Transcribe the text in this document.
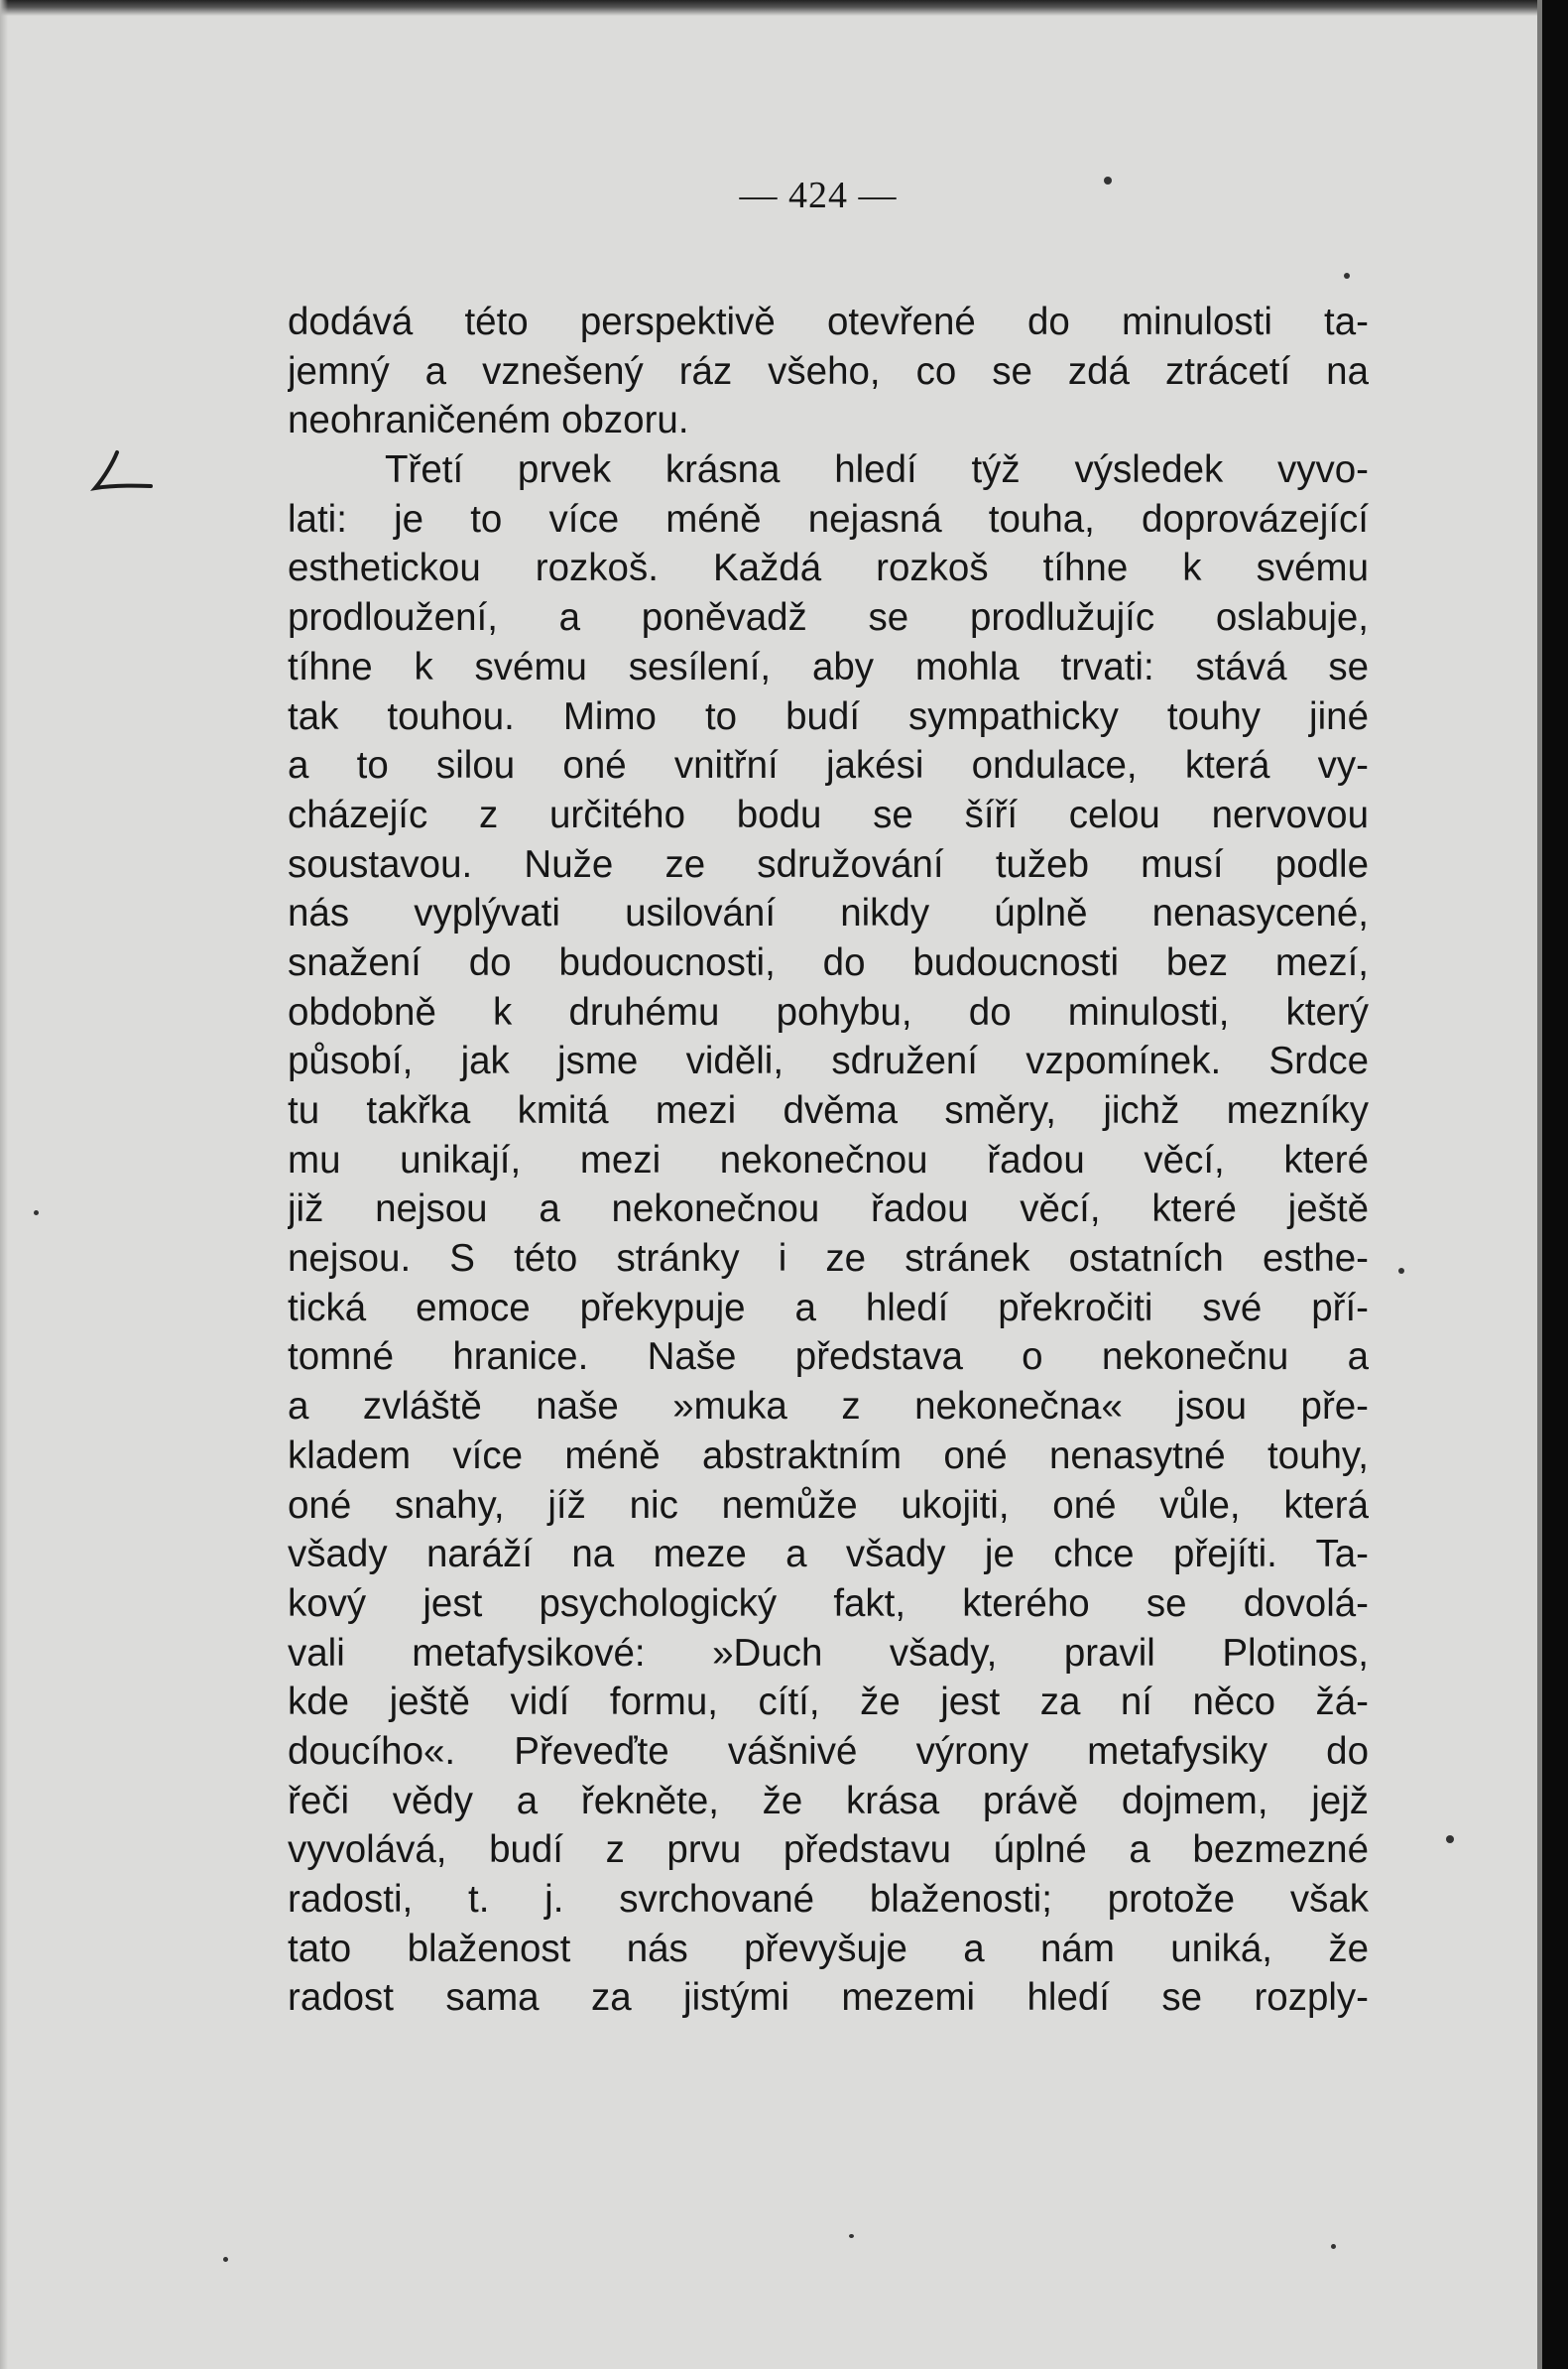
— 424 —
dodává této perspektivě otevřené do minulosti ta-
jemný a vznešený ráz všeho, co se zdá ztrácetí na
neohraničeném obzoru.
Třetí prvek krásna hledí týž výsledek vyvo-
lati: je to více méně nejasná touha, doprovázející
esthetickou rozkoš. Každá rozkoš tíhne k svému
prodloužení, a poněvadž se prodlužujíc oslabuje,
tíhne k svému sesílení, aby mohla trvati: stává se
tak touhou. Mimo to budí sympathicky touhy jiné
a to silou oné vnitřní jakési ondulace, která vy-
cházejíc z určitého bodu se šíří celou nervovou
soustavou. Nuže ze sdružování tužeb musí podle
nás vyplývati usilování nikdy úplně nenasycené,
snažení do budoucnosti, do budoucnosti bez mezí,
obdobně k druhému pohybu, do minulosti, který
působí, jak jsme viděli, sdružení vzpomínek. Srdce
tu takřka kmitá mezi dvěma směry, jichž mezníky
mu unikají, mezi nekonečnou řadou věcí, které
již nejsou a nekonečnou řadou věcí, které ještě
nejsou. S této stránky i ze stránek ostatních esthe-
tická emoce překypuje a hledí překročiti své pří-
tomné hranice. Naše představa o nekonečnu a
a zvláště naše »muka z nekonečna« jsou pře-
kladem více méně abstraktním oné nenasytné touhy,
oné snahy, jíž nic nemůže ukojiti, oné vůle, která
všady naráží na meze a všady je chce přejíti. Ta-
kový jest psychologický fakt, kterého se dovolá-
vali metafysikové: »Duch všady, pravil Plotinos,
kde ještě vidí formu, cítí, že jest za ní něco žá-
doucího«. Převeďte vášnivé výrony metafysiky do
řeči vědy a řekněte, že krása právě dojmem, jejž
vyvolává, budí z prvu představu úplné a bezmezné
radosti, t. j. svrchované blaženosti; protože však
tato blaženost nás převyšuje a nám uniká, že
radost sama za jistými mezemi hledí se rozply-
